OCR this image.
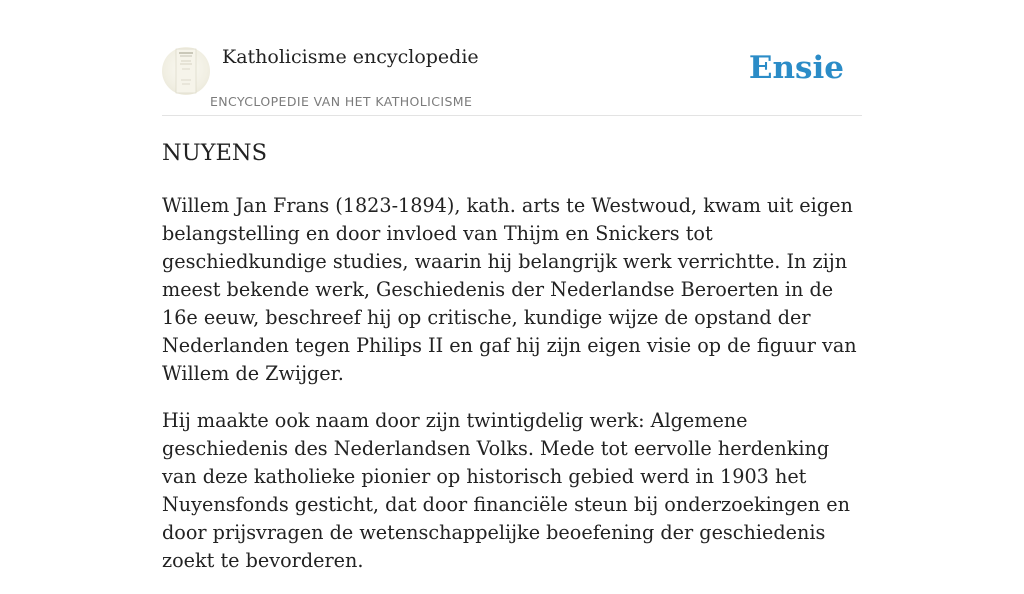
Katholicisme encyclopedie
ENCYCLOPEDIE VAN HET KATHOLICISME
Ensie
NUYENS

Willem Jan Frans (1823-1894), kath. arts te Westwoud, kwam uit eigen belangstelling en door invloed van Thijm en Snickers tot geschiedkundige studies, waarin hij belangrijk werk verrichtte. In zijn meest bekende werk, Geschiedenis der Nederlandse Beroerten in de 16e eeuw, beschreef hij op critische, kundige wijze de opstand der Nederlanden tegen Philips II en gaf hij zijn eigen visie op de figuur van Willem de Zwijger.

Hij maakte ook naam door zijn twintigdelig werk: Algemene geschiedenis des Nederlandsen Volks. Mede tot eervolle herdenking van deze katholieke pionier op historisch gebied werd in 1903 het Nuyensfonds gesticht, dat door financiële steun bij onderzoekingen en door prijsvragen de wetenschappelijke beoefening der geschiedenis zoekt te bevorderen.
